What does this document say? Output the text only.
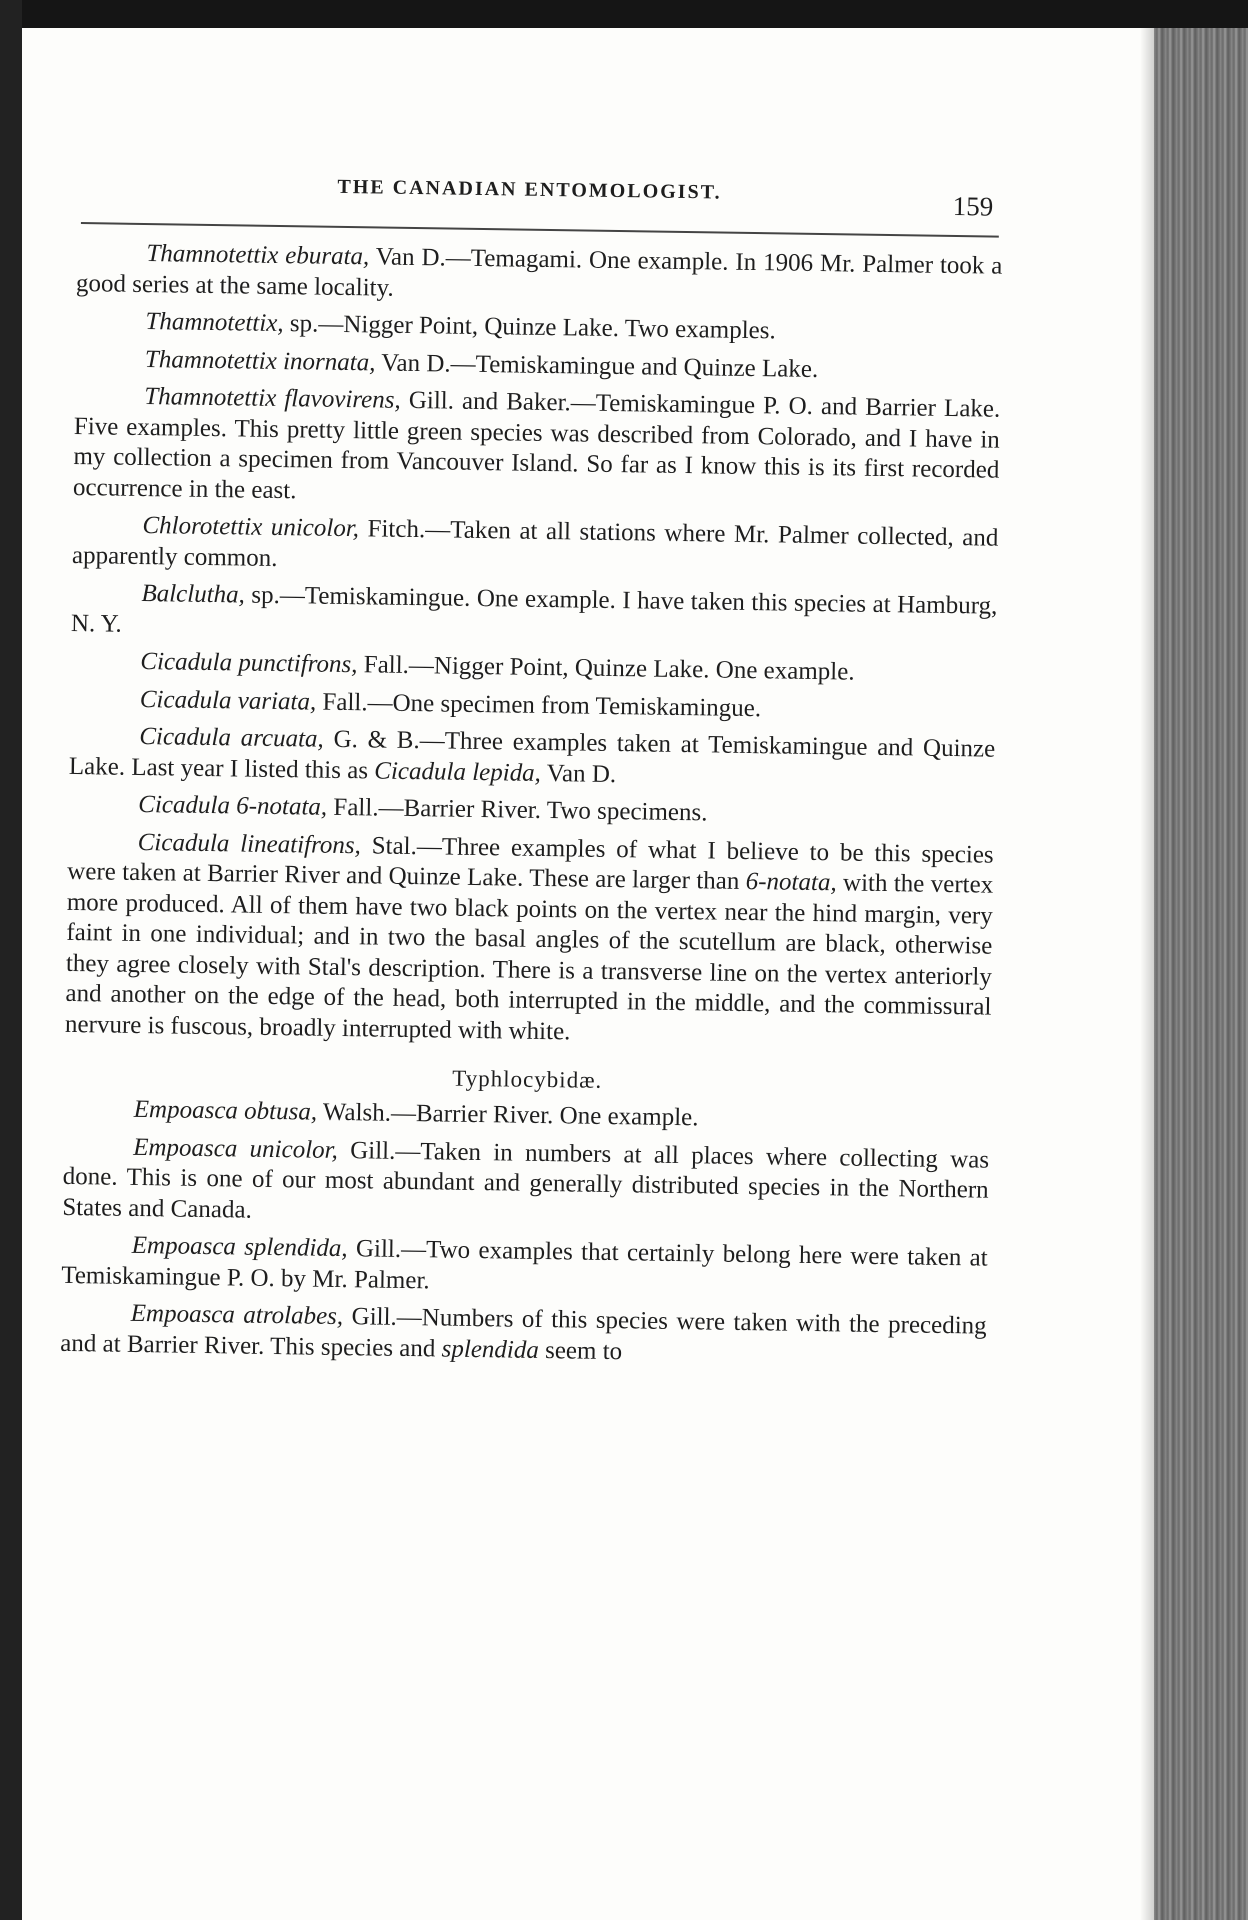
THE CANADIAN ENTOMOLOGIST.
159

Thamnotettix eburata, Van D.—Temagami. One example. In 1906 Mr. Palmer took a good series at the same locality.

Thamnotettix, sp.—Nigger Point, Quinze Lake. Two examples.

Thamnotettix inornata, Van D.—Temiskamingue and Quinze Lake.

Thamnotettix flavovirens, Gill. and Baker.—Temiskamingue P. O. and Barrier Lake. Five examples. This pretty little green species was described from Colorado, and I have in my collection a specimen from Vancouver Island. So far as I know this is its first recorded occurrence in the east.

Chlorotettix unicolor, Fitch.—Taken at all stations where Mr. Palmer collected, and apparently common.

Balclutha, sp.—Temiskamingue. One example. I have taken this species at Hamburg, N. Y.

Cicadula punctifrons, Fall.—Nigger Point, Quinze Lake. One example.

Cicadula variata, Fall.—One specimen from Temiskamingue.

Cicadula arcuata, G. & B.—Three examples taken at Temiskamingue and Quinze Lake. Last year I listed this as Cicadula lepida, Van D.

Cicadula 6-notata, Fall.—Barrier River. Two specimens.

Cicadula lineatifrons, Stal.—Three examples of what I believe to be this species were taken at Barrier River and Quinze Lake. These are larger than 6-notata, with the vertex more produced. All of them have two black points on the vertex near the hind margin, very faint in one individual; and in two the basal angles of the scutellum are black, otherwise they agree closely with Stal's description. There is a transverse line on the vertex anteriorly and another on the edge of the head, both interrupted in the middle, and the commissural nervure is fuscous, broadly interrupted with white.

Typhlocybidæ.

Empoasca obtusa, Walsh.—Barrier River. One example.

Empoasca unicolor, Gill.—Taken in numbers at all places where collecting was done. This is one of our most abundant and generally distributed species in the Northern States and Canada.

Empoasca splendida, Gill.—Two examples that certainly belong here were taken at Temiskamingue P. O. by Mr. Palmer.

Empoasca atrolabes, Gill.—Numbers of this species were taken with the preceding and at Barrier River. This species and splendida seem to
